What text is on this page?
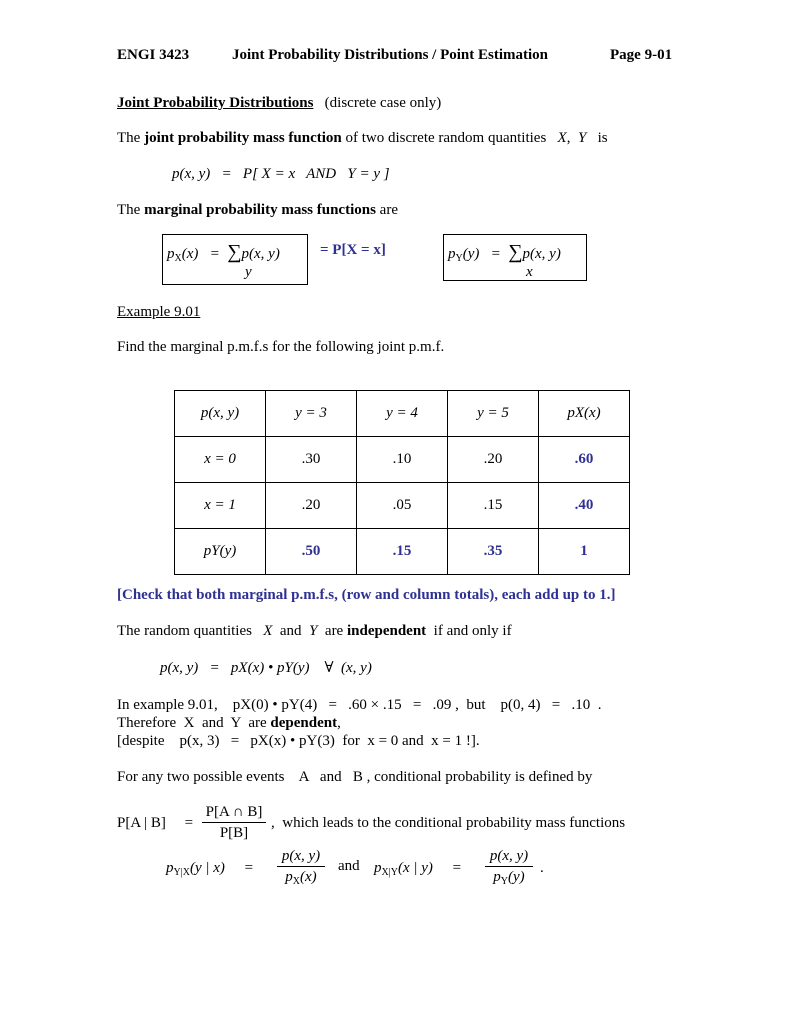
ENGI 3423	Joint Probability Distributions / Point Estimation	Page 9-01
Joint Probability Distributions (discrete case only)
The joint probability mass function of two discrete random quantities X, Y is
p(x, y)   =   P[ X = x   AND   Y = y ]
The marginal probability mass functions are
$p_X(x) = \sum p(x$, y)
y
= P[X = x]	$p_Y(y) = \sum p(x$, y)
x
Example 9.01
Find the marginal p.m.f.s for the following joint p.m.f.
p(x, y)	y = 3	y = 4	y = 5	pX(x)
x = 0	.30	.10	.20	.60
x = 1	.20	.05	.15	.40
pY(y)	.50	.15	.35	1
[Check that both marginal p.m.f.s, (row and column totals), each add up to 1.]
The random quantities X and Y are independent if and only if
p(x, y)   =   pX(x) • pY(y)    ∀  (x, y)
In example 9.01,    pX(0) • pY(4)   =   .60 × .15   =   .09 ,  but    p(0, 4)   =   .10  .
Therefore  X  and  Y  are dependent,
[despite    p(x, 3)   =   pX(x) • pY(3)  for  x = 0 and  x = 1 !].
For any two possible events    A   and   B , conditional probability is defined by
P[A | B]     = $\frac{P[A \cap B]}{P[B]}$ ,  which leads to the conditional probability mass functions
$p_{Y|X}(y$ | x)     = $\frac{p(x, y)}{p_X(x)}$ and $p_{X|Y}(x$ | y)     = $\frac{p(x, y)}{p_Y(y)}$ .
